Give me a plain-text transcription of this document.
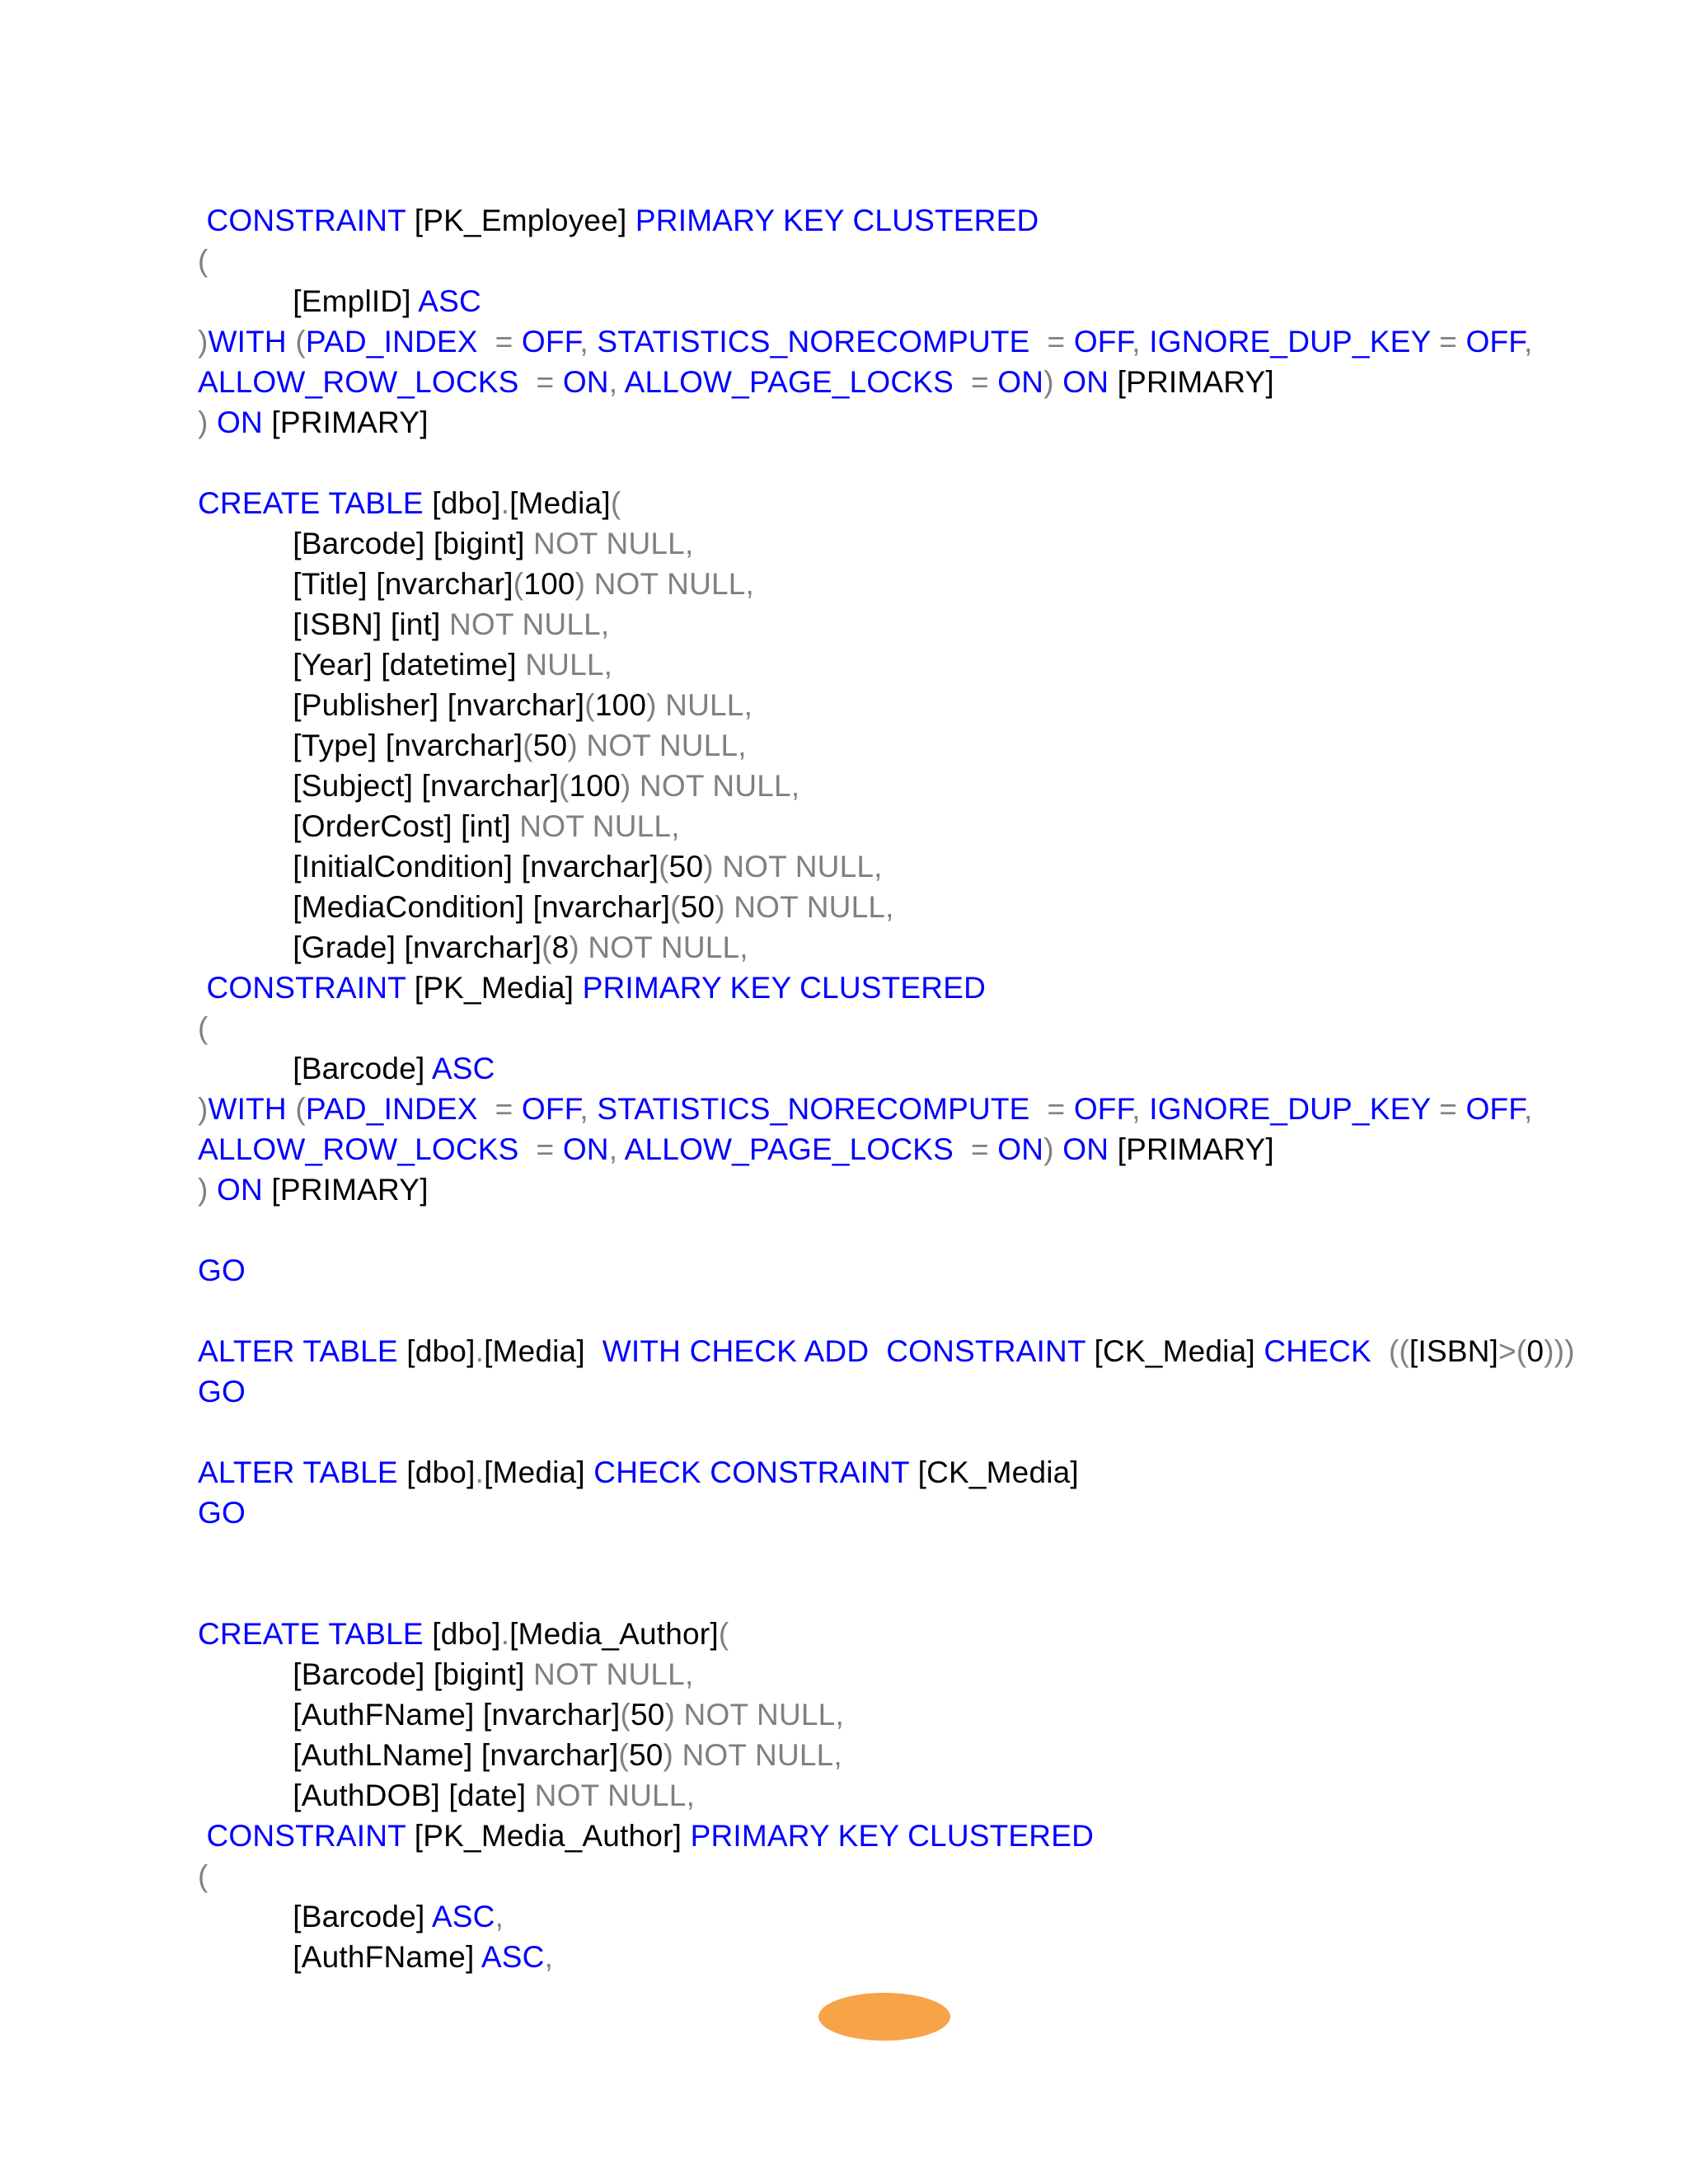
CONSTRAINT [PK_Employee] PRIMARY KEY CLUSTERED
(
[EmplID] ASC
)WITH (PAD_INDEX  = OFF, STATISTICS_NORECOMPUTE  = OFF, IGNORE_DUP_KEY = OFF,
ALLOW_ROW_LOCKS  = ON, ALLOW_PAGE_LOCKS  = ON) ON [PRIMARY]
) ON [PRIMARY]
CREATE TABLE [dbo].[Media](
[Barcode] [bigint] NOT NULL,
[Title] [nvarchar](100) NOT NULL,
[ISBN] [int] NOT NULL,
[Year] [datetime] NULL,
[Publisher] [nvarchar](100) NULL,
[Type] [nvarchar](50) NOT NULL,
[Subject] [nvarchar](100) NOT NULL,
[OrderCost] [int] NOT NULL,
[InitialCondition] [nvarchar](50) NOT NULL,
[MediaCondition] [nvarchar](50) NOT NULL,
[Grade] [nvarchar](8) NOT NULL,
CONSTRAINT [PK_Media] PRIMARY KEY CLUSTERED
(
[Barcode] ASC
)WITH (PAD_INDEX  = OFF, STATISTICS_NORECOMPUTE  = OFF, IGNORE_DUP_KEY = OFF,
ALLOW_ROW_LOCKS  = ON, ALLOW_PAGE_LOCKS  = ON) ON [PRIMARY]
) ON [PRIMARY]
GO
ALTER TABLE [dbo].[Media]  WITH CHECK ADD  CONSTRAINT [CK_Media] CHECK  (([ISBN]>(0)))
GO
ALTER TABLE [dbo].[Media] CHECK CONSTRAINT [CK_Media]
GO
CREATE TABLE [dbo].[Media_Author](
[Barcode] [bigint] NOT NULL,
[AuthFName] [nvarchar](50) NOT NULL,
[AuthLName] [nvarchar](50) NOT NULL,
[AuthDOB] [date] NOT NULL,
CONSTRAINT [PK_Media_Author] PRIMARY KEY CLUSTERED
(
[Barcode] ASC,
[AuthFName] ASC,
